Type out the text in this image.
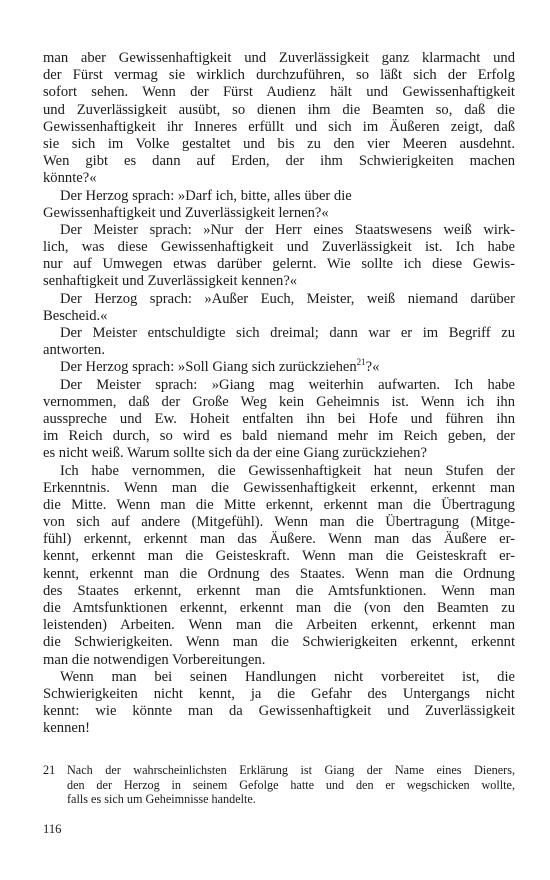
man aber Gewissenhaftigkeit und Zuverlässigkeit ganz klarmacht und
der Fürst vermag sie wirklich durchzuführen, so läßt sich der Erfolg
sofort sehen. Wenn der Fürst Audienz hält und Gewissenhaftigkeit
und Zuverlässigkeit ausübt, so dienen ihm die Beamten so, daß die
Gewissenhaftigkeit ihr Inneres erfüllt und sich im Äußeren zeigt, daß
sie sich im Volke gestaltet und bis zu den vier Meeren ausdehnt.
Wen gibt es dann auf Erden, der ihm Schwierigkeiten machen
könnte?«
Der Herzog sprach: »Darf ich, bitte, alles über die
Gewissenhaftigkeit und Zuverlässigkeit lernen?«
Der Meister sprach: »Nur der Herr eines Staatswesens weiß wirk-
lich, was diese Gewissenhaftigkeit und Zuverlässigkeit ist. Ich habe
nur auf Umwegen etwas darüber gelernt. Wie sollte ich diese Gewis-
senhaftigkeit und Zuverlässigkeit kennen?«
Der Herzog sprach: »Außer Euch, Meister, weiß niemand darüber
Bescheid.«
Der Meister entschuldigte sich dreimal; dann war er im Begriff zu
antworten.
Der Herzog sprach: »Soll Giang sich zurückziehen$^{21}$?«
Der Meister sprach: »Giang mag weiterhin aufwarten. Ich habe
vernommen, daß der Große Weg kein Geheimnis ist. Wenn ich ihn
ausspreche und Ew. Hoheit entfalten ihn bei Hofe und führen ihn
im Reich durch, so wird es bald niemand mehr im Reich geben, der
es nicht weiß. Warum sollte sich da der eine Giang zurückziehen?
Ich habe vernommen, die Gewissenhaftigkeit hat neun Stufen der
Erkenntnis. Wenn man die Gewissenhaftigkeit erkennt, erkennt man
die Mitte. Wenn man die Mitte erkennt, erkennt man die Übertragung
von sich auf andere (Mitgefühl). Wenn man die Übertragung (Mitge-
fühl) erkennt, erkennt man das Äußere. Wenn man das Äußere er-
kennt, erkennt man die Geisteskraft. Wenn man die Geisteskraft er-
kennt, erkennt man die Ordnung des Staates. Wenn man die Ordnung
des Staates erkennt, erkennt man die Amtsfunktionen. Wenn man
die Amtsfunktionen erkennt, erkennt man die (von den Beamten zu
leistenden) Arbeiten. Wenn man die Arbeiten erkennt, erkennt man
die Schwierigkeiten. Wenn man die Schwierigkeiten erkennt, erkennt
man die notwendigen Vorbereitungen.
Wenn man bei seinen Handlungen nicht vorbereitet ist, die
Schwierigkeiten nicht kennt, ja die Gefahr des Untergangs nicht
kennt: wie könnte man da Gewissenhaftigkeit und Zuverlässigkeit
kennen!
21 Nach der wahrscheinlichsten Erklärung ist Giang der Name eines Dieners,
den der Herzog in seinem Gefolge hatte und den er wegschicken wollte,
falls es sich um Geheimnisse handelte.
116
